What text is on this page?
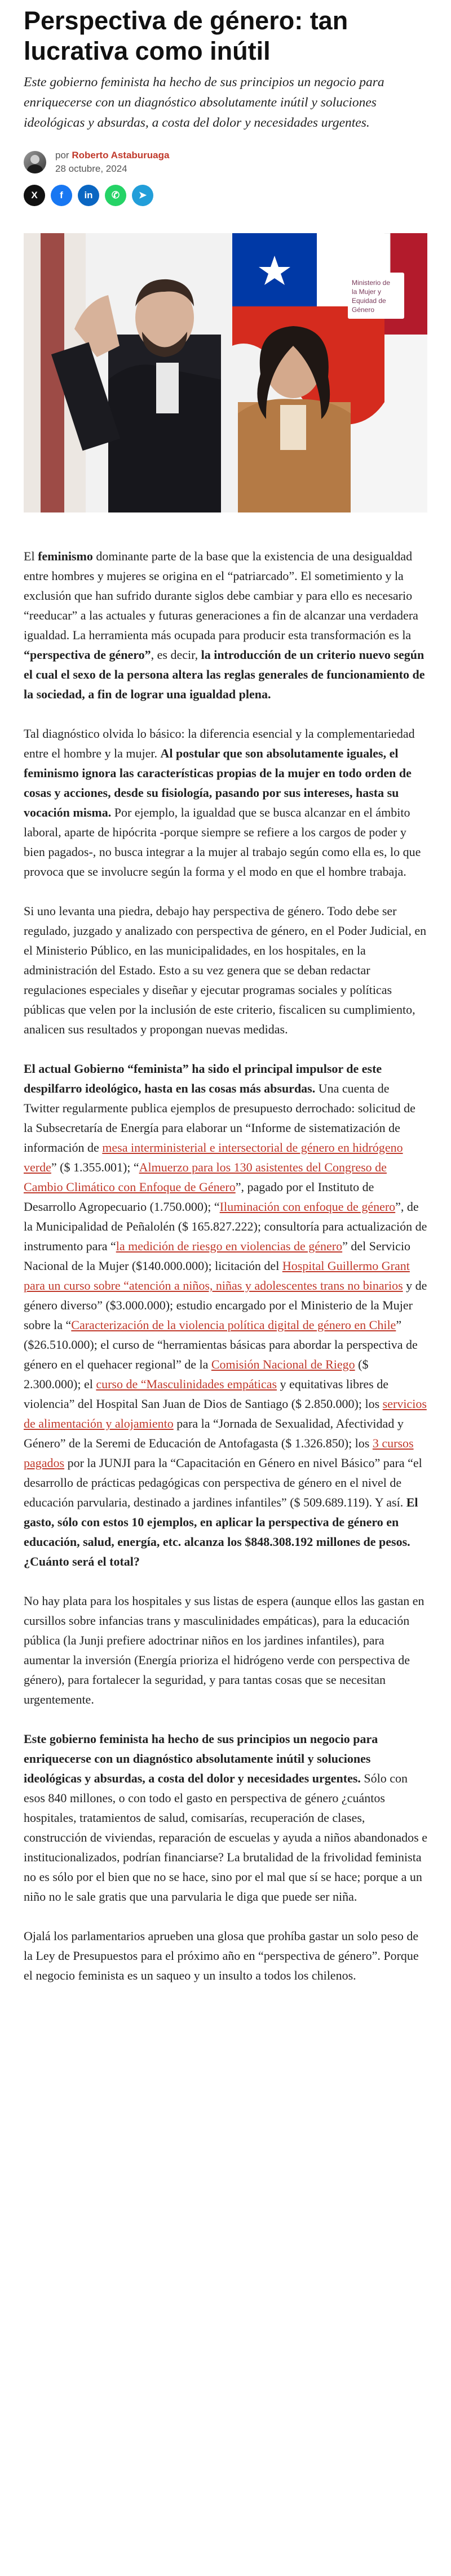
Perspectiva de género: tan lucrativa como inútil
Este gobierno feminista ha hecho de sus principios un negocio para enriquecerse con un diagnóstico absolutamente inútil y soluciones ideológicas y absurdas, a costa del dolor y necesidades urgentes.
por Roberto Astaburuaga
28 octubre, 2024
X f in ✆ ➤
Ministerio de
la Mujer y
Equidad de
Género

El feminismo dominante parte de la base que la existencia de una desigualdad entre hombres y mujeres se origina en el “patriarcado”. El sometimiento y la exclusión que han sufrido durante siglos debe cambiar y para ello es necesario “reeducar” a las actuales y futuras generaciones a fin de alcanzar una verdadera igualdad. La herramienta más ocupada para producir esta transformación es la “perspectiva de género”, es decir, la introducción de un criterio nuevo según el cual el sexo de la persona altera las reglas generales de funcionamiento de la sociedad, a fin de lograr una igualdad plena.

Tal diagnóstico olvida lo básico: la diferencia esencial y la complementariedad entre el hombre y la mujer. Al postular que son absolutamente iguales, el feminismo ignora las características propias de la mujer en todo orden de cosas y acciones, desde su fisiología, pasando por sus intereses, hasta su vocación misma. Por ejemplo, la igualdad que se busca alcanzar en el ámbito laboral, aparte de hipócrita -porque siempre se refiere a los cargos de poder y bien pagados-, no busca integrar a la mujer al trabajo según como ella es, lo que provoca que se involucre según la forma y el modo en que el hombre trabaja.

Si uno levanta una piedra, debajo hay perspectiva de género. Todo debe ser regulado, juzgado y analizado con perspectiva de género, en el Poder Judicial, en el Ministerio Público, en las municipalidades, en los hospitales, en la administración del Estado. Esto a su vez genera que se deban redactar regulaciones especiales y diseñar y ejecutar programas sociales y políticas públicas que velen por la inclusión de este criterio, fiscalicen su cumplimiento, analicen sus resultados y propongan nuevas medidas.

El actual Gobierno “feminista” ha sido el principal impulsor de este despilfarro ideológico, hasta en las cosas más absurdas. Una cuenta de Twitter regularmente publica ejemplos de presupuesto derrochado: solicitud de la Subsecretaría de Energía para elaborar un “Informe de sistematización de información de mesa interministerial e intersectorial de género en hidrógeno verde” ($ 1.355.001); “Almuerzo para los 130 asistentes del Congreso de Cambio Climático con Enfoque de Género”, pagado por el Instituto de Desarrollo Agropecuario (1.750.000); “Iluminación con enfoque de género”, de la Municipalidad de Peñalolén ($ 165.827.222); consultoría para actualización de instrumento para “la medición de riesgo en violencias de género” del Servicio Nacional de la Mujer ($140.000.000); licitación del Hospital Guillermo Grant para un curso sobre “atención a niños, niñas y adolescentes trans no binarios y de género diverso” ($3.000.000); estudio encargado por el Ministerio de la Mujer sobre la “Caracterización de la violencia política digital de género en Chile” ($26.510.000); el curso de “herramientas básicas para abordar la perspectiva de género en el quehacer regional” de la Comisión Nacional de Riego ($ 2.300.000); el curso de “Masculinidades empáticas y equitativas libres de violencia” del Hospital San Juan de Dios de Santiago ($ 2.850.000); los servicios de alimentación y alojamiento para la “Jornada de Sexualidad, Afectividad y Género” de la Seremi de Educación de Antofagasta ($ 1.326.850); los 3 cursos pagados por la JUNJI para la “Capacitación en Género en nivel Básico” para “el desarrollo de prácticas pedagógicas con perspectiva de género en el nivel de educación parvularia, destinado a jardines infantiles” ($ 509.689.119). Y así. El gasto, sólo con estos 10 ejemplos, en aplicar la perspectiva de género en educación, salud, energía, etc. alcanza los $848.308.192 millones de pesos. ¿Cuánto será el total?

No hay plata para los hospitales y sus listas de espera (aunque ellos las gastan en cursillos sobre infancias trans y masculinidades empáticas), para la educación pública (la Junji prefiere adoctrinar niños en los jardines infantiles), para aumentar la inversión (Energía prioriza el hidrógeno verde con perspectiva de género), para fortalecer la seguridad, y para tantas cosas que se necesitan urgentemente.

Este gobierno feminista ha hecho de sus principios un negocio para enriquecerse con un diagnóstico absolutamente inútil y soluciones ideológicas y absurdas, a costa del dolor y necesidades urgentes. Sólo con esos 840 millones, o con todo el gasto en perspectiva de género ¿cuántos hospitales, tratamientos de salud, comisarías, recuperación de clases, construcción de viviendas, reparación de escuelas y ayuda a niños abandonados e institucionalizados, podrían financiarse? La brutalidad de la frivolidad feminista no es sólo por el bien que no se hace, sino por el mal que sí se hace; porque a un niño no le sale gratis que una parvularia le diga que puede ser niña.

Ojalá los parlamentarios aprueben una glosa que prohíba gastar un solo peso de la Ley de Presupuestos para el próximo año en “perspectiva de género”. Porque el negocio feminista es un saqueo y un insulto a todos los chilenos.
